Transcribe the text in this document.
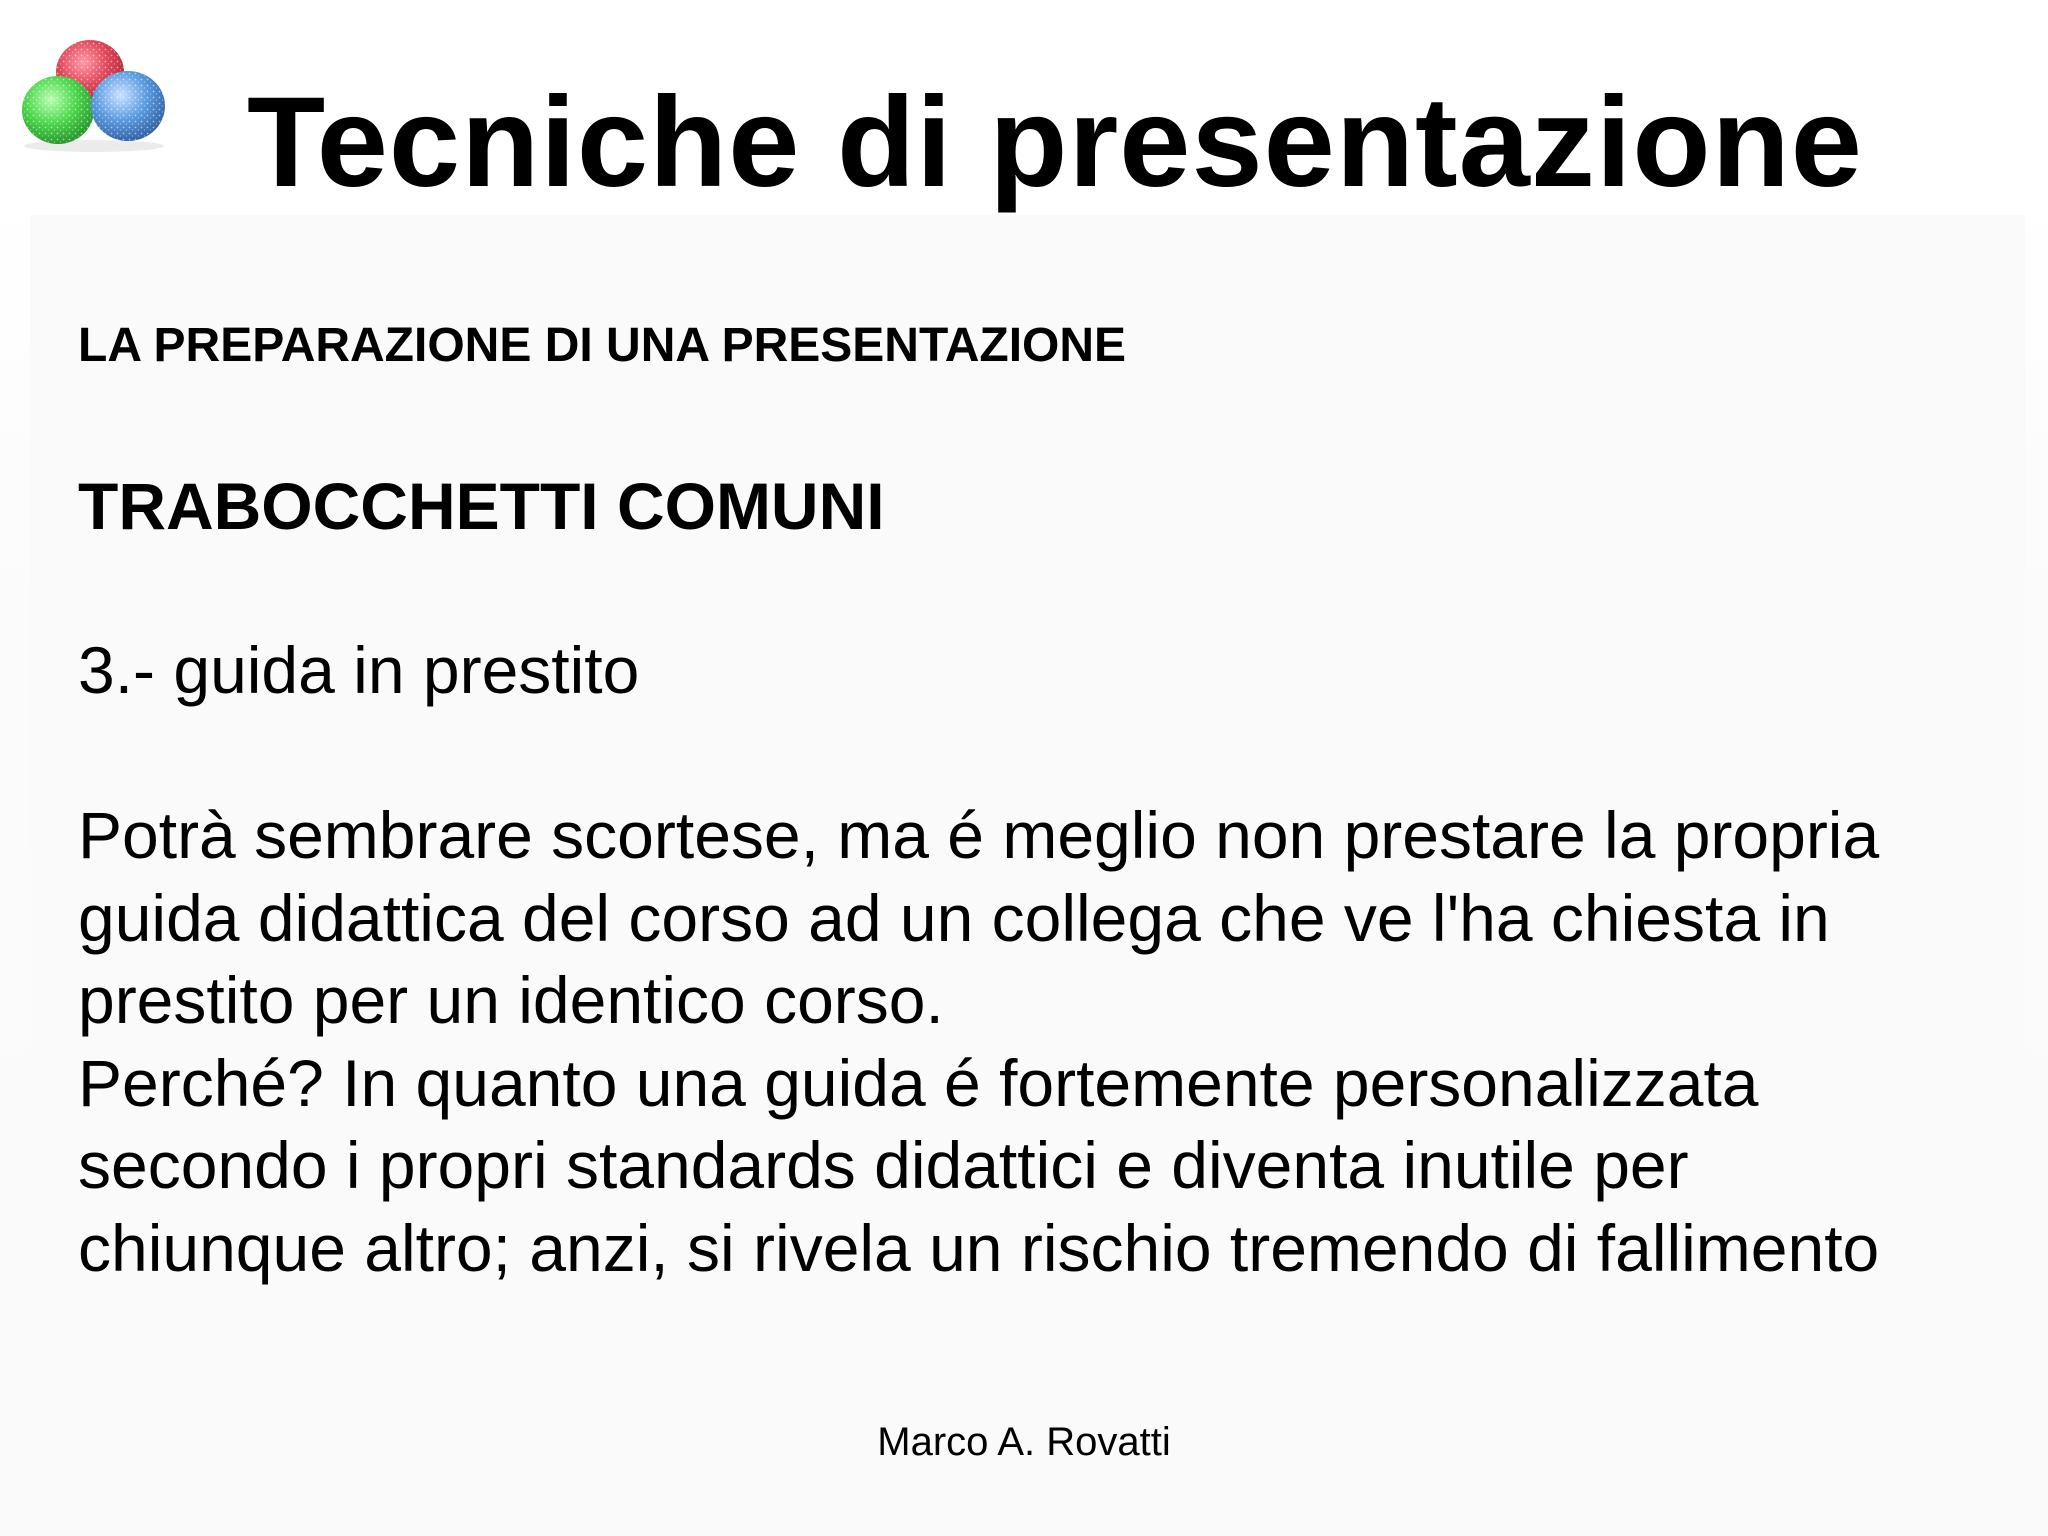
Tecniche di presentazione

LA PREPARAZIONE DI UNA PRESENTAZIONE

TRABOCCHETTI COMUNI

3.- guida in prestito

Potrà sembrare scortese, ma é meglio non prestare la propria
guida didattica del corso ad un collega che ve l'ha chiesta in
prestito per un identico corso.
Perché? In quanto una guida é fortemente personalizzata
secondo i propri standards didattici e diventa inutile per
chiunque altro; anzi, si rivela un rischio tremendo di fallimento

Marco A. Rovatti
